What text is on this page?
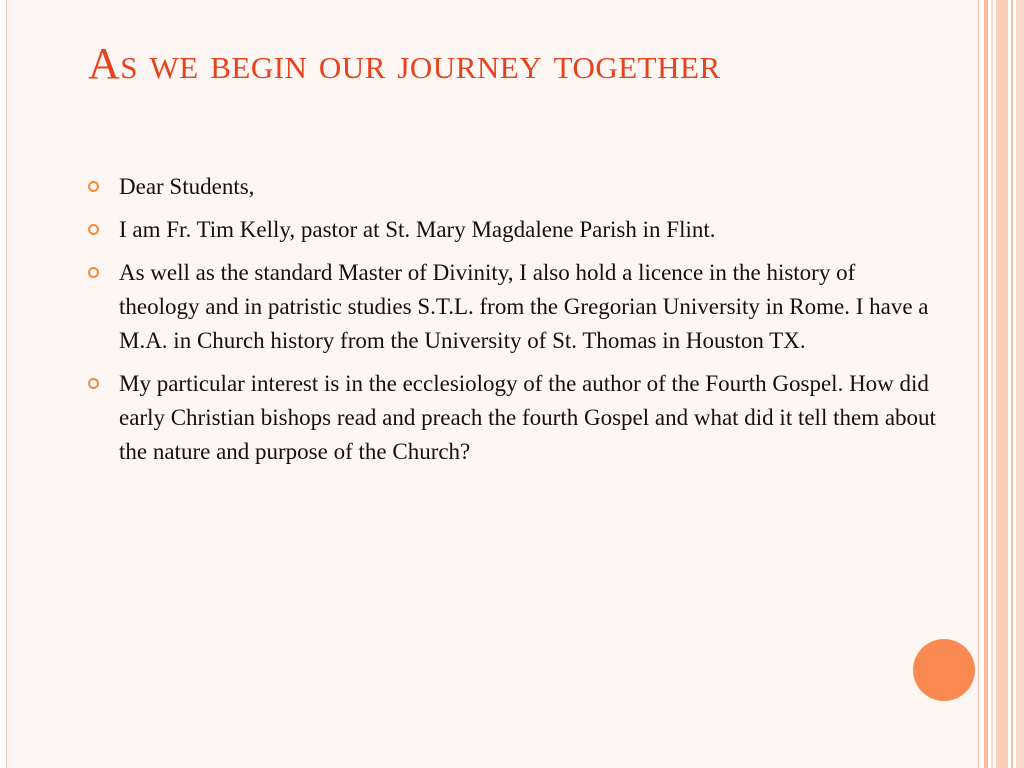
As we begin our journey together
Dear Students,
I am Fr. Tim Kelly, pastor at St. Mary Magdalene Parish in Flint.
As well as the standard Master of Divinity, I also hold a licence in the history of theology and in patristic studies S.T.L. from the Gregorian University in Rome. I have a M.A. in Church history from the University of St. Thomas in Houston TX.
My particular interest is in the ecclesiology of the author of the Fourth Gospel. How did early Christian bishops read and preach the fourth Gospel and what did it tell them about the nature and purpose of the Church?
